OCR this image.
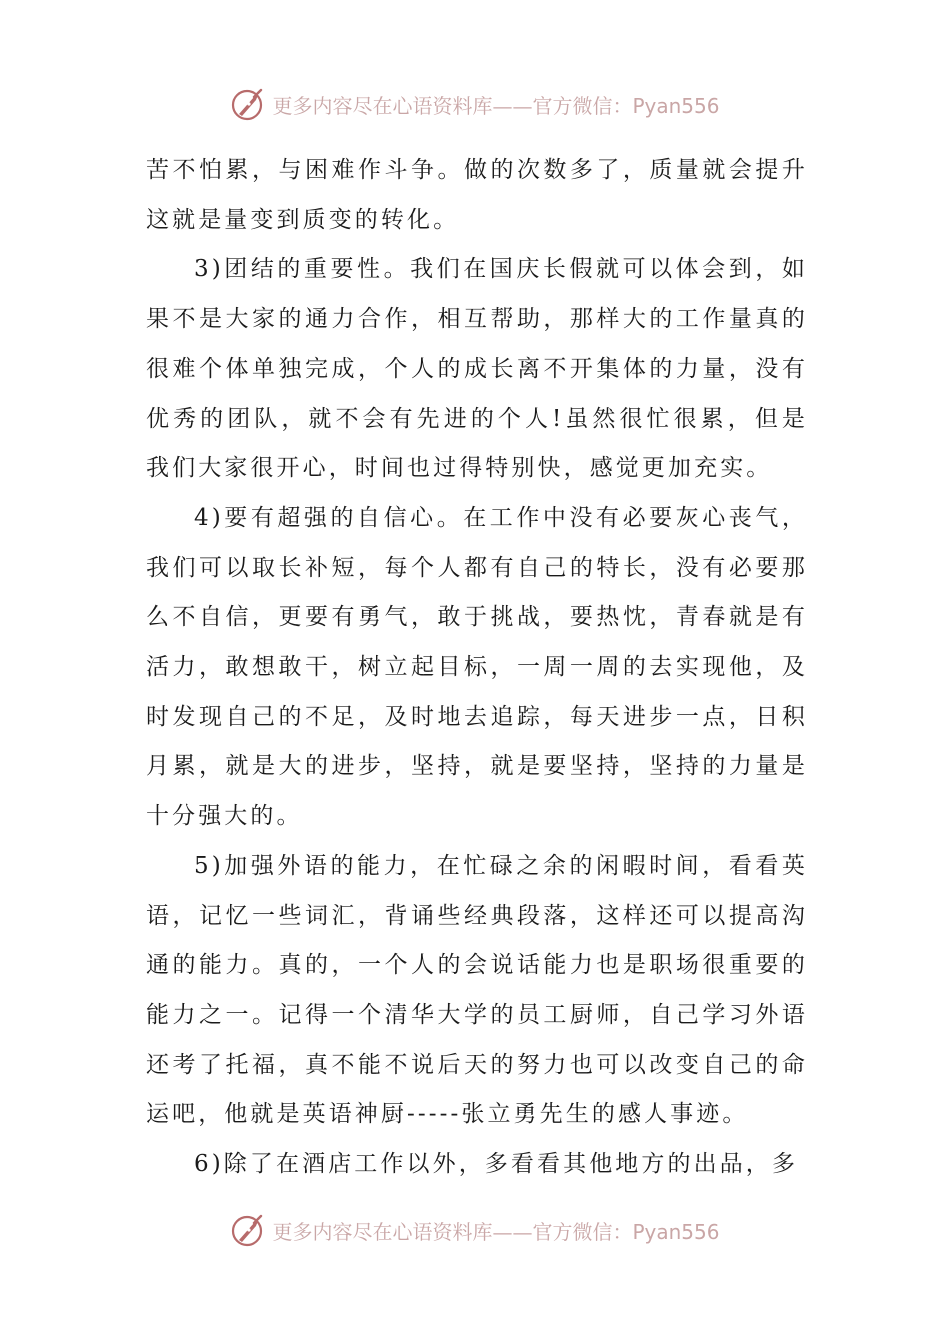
更多内容尽在心语资料库——官方微信：Pyan556

苦不怕累，与困难作斗争。做的次数多了，质量就会提升这就是量变到质变的转化。

3)团结的重要性。我们在国庆长假就可以体会到，如果不是大家的通力合作，相互帮助，那样大的工作量真的很难个体单独完成，个人的成长离不开集体的力量，没有优秀的团队，就不会有先进的个人!虽然很忙很累，但是我们大家很开心，时间也过得特别快，感觉更加充实。

4)要有超强的自信心。在工作中没有必要灰心丧气，我们可以取长补短，每个人都有自己的特长，没有必要那么不自信，更要有勇气，敢于挑战，要热忱，青春就是有活力，敢想敢干，树立起目标，一周一周的去实现他，及时发现自己的不足，及时地去追踪，每天进步一点，日积月累，就是大的进步，坚持，就是要坚持，坚持的力量是十分强大的。

5)加强外语的能力，在忙碌之余的闲暇时间，看看英语，记忆一些词汇，背诵些经典段落，这样还可以提高沟通的能力。真的，一个人的会说话能力也是职场很重要的能力之一。记得一个清华大学的员工厨师，自己学习外语还考了托福，真不能不说后天的努力也可以改变自己的命运吧，他就是英语神厨-----张立勇先生的感人事迹。

6)除了在酒店工作以外，多看看其他地方的出品，多

更多内容尽在心语资料库——官方微信：Pyan556
